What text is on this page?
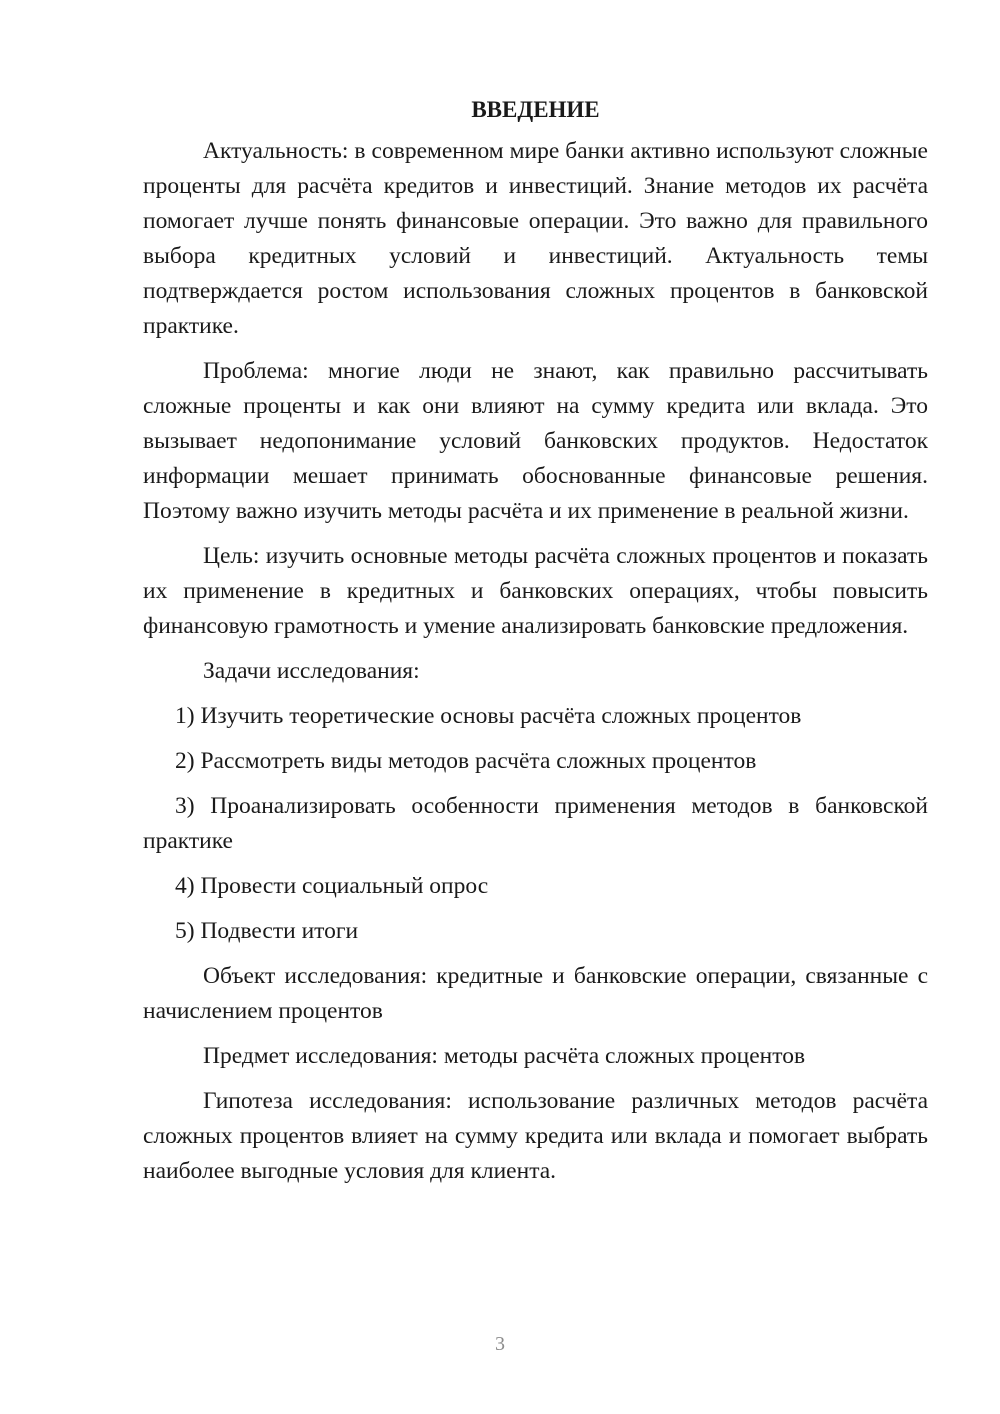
ВВЕДЕНИЕ

Актуальность: в современном мире банки активно используют сложные проценты для расчёта кредитов и инвестиций. Знание методов их расчёта помогает лучше понять финансовые операции. Это важно для правильного выбора кредитных условий и инвестиций. Актуальность темы подтверждается ростом использования сложных процентов в банковской практике.

Проблема: многие люди не знают, как правильно рассчитывать сложные проценты и как они влияют на сумму кредита или вклада. Это вызывает недопонимание условий банковских продуктов. Недостаток информации мешает принимать обоснованные финансовые решения. Поэтому важно изучить методы расчёта и их применение в реальной жизни.

Цель: изучить основные методы расчёта сложных процентов и показать их применение в кредитных и банковских операциях, чтобы повысить финансовую грамотность и умение анализировать банковские предложения.

Задачи исследования:

1) Изучить теоретические основы расчёта сложных процентов

2) Рассмотреть виды методов расчёта сложных процентов

3) Проанализировать особенности применения методов в банковской практике

4) Провести социальный опрос

5) Подвести итоги

Объект исследования: кредитные и банковские операции, связанные с начислением процентов

Предмет исследования: методы расчёта сложных процентов

Гипотеза исследования: использование различных методов расчёта сложных процентов влияет на сумму кредита или вклада и помогает выбрать наиболее выгодные условия для клиента.

3
